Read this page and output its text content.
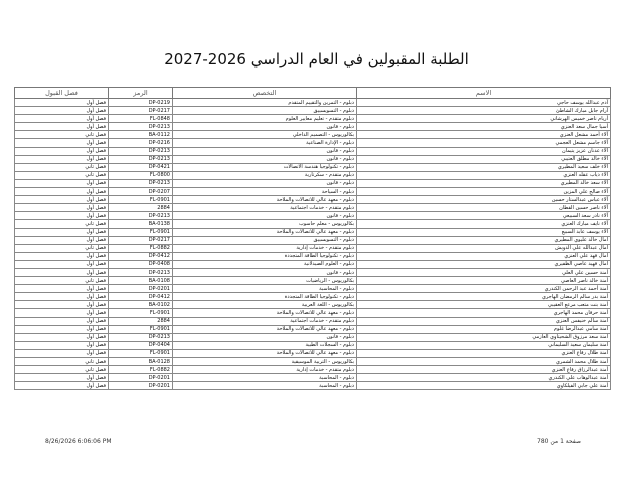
الطلبة المقبولين في العام الدراسي 2026-2027
الاسم	التخصص	الرمز	فصل القبول
آدم عبدالله يوسف حاجي	دبلوم - التمرين والتقييم المتقدم	DP-0219	فصل أول
آرام جابل مبارك الشاطئ	دبلوم - التسويسييق	DP-0217	فصل أول
أريام ناصر خميس الهرشاني	دبلوم متقدم - تعليم معايير العلوم	FL-0848	فصل أول
أسيا جمال سعد العنزي	دبلوم - قانون	DP-0213	فصل أول
آلاء أحمد مشعل العنزي	بكالوريوس - التصميم الداخلي	BA-0112	فصل ثاني
آلاء جاسم مشعل العجمي	دبلوم - الإدارة الصناعية	DP-0216	فصل أول
آلاء عدنان عزيز يتيمان	دبلوم - قانون	DP-0213	فصل أول
آلاء خالد مطلق العتيبي	دبلوم - قانون	DP-0213	فصل أول
آلاء خلف سعيد المطيري	دبلوم - تكنولوجيا هندسة الاتصالات	DP-0421	فصل ثاني
آلاء ذياب عقله العنزي	دبلوم متقدم - سكرتارية	FL-0800	فصل ثاني
آلاء سعد خالد المطيري	دبلوم - قانون	DP-0213	فصل أول
آلاء صالح علي المزين	دبلوم - السياحة	DP-0207	فصل أول
آلاء عباس عبدالستار حسين	دبلوم - معهد عالي للاتصالات والملاحة	FL-0901	فصل أول
آلاء ناصر حسين القطان	دبلوم متقدم - خدمات اجتماعية	2884	فصل أول
آلاء نادر سعد السبيعي	دبلوم - قانون	DP-0213	فصل أول
آلاء نايف مبارك العنزي	بكالوريوس - معلم حاسوب	BA-0138	فصل ثاني
آلاء يوسف عابد السبيع	دبلوم - معهد عالي للاتصالات والملاحة	FL-0901	فصل أول
آمال خالد عليوي المطيري	دبلوم - التسويسييق	DP-0217	فصل أول
آمال عبدالله علي الدويش	دبلوم متقدم - خدمات إدارية	FL-0882	فصل ثاني
آمال فهد علي العنزي	دبلوم - تكنولوجيا الطاقة المتجددة	DP-0412	فصل أول
آمال فهيد عاصي الظفيري	دبلوم - العلوم الصيدلانية	DP-0408	فصل أول
أمنة حسين علي العلي	دبلوم - قانون	DP-0213	فصل أول
أمنة خالد ناصر العاصي	بكالوريوس - الرياضيات	BA-0108	فصل ثاني
أمنة أحمد عبد الرحمن الكندري	دبلوم - المحاسبة	DP-0201	فصل أول
أمنة بدر سالم الرمضان الهاجري	دبلوم - تكنولوجيا الطاقة المتجددة	DP-0412	فصل أول
أمنة بنت متعب مرعع العقيبي	بكالوريوس - اللغة العربية	BA-0102	فصل أول
أمنة حرفان محمد الهاجري	دبلوم - معهد عالي للاتصالات والملاحة	FL-0901	فصل أول
أمنة سالم خنيفس العنزي	دبلوم متقدم - خدمات اجتماعية	2884	فصل أول
أمنة سامي عبدالرضا غلوم	دبلوم - معهد عالي للاتصالات والملاحة	FL-0901	فصل أول
أمنة سعد مرزوق الشحيتاوي العازمي	دبلوم - قانون	DP-0213	فصل أول
أمنة سليمان سعيد السليماني	دبلوم - السجلات الطبية	DP-0404	فصل أول
أمنة طلال رفاع العنزي	دبلوم - معهد عالي للاتصالات والملاحة	FL-0901	فصل أول
أمنة طلال محمد الشمري	بكالوريوس - التربية الموسيقية	BA-0128	فصل ثاني
أمنة عبدالرزاق رفاع العنزي	دبلوم متقدم - خدمات إدارية	FL-0882	فصل ثاني
أمنة عبدالوهاب علي الكندري	دبلوم - المحاسبة	DP-0201	فصل أول
أمنة علي جابي الفيلكاوي	دبلوم - المحاسبة	DP-0201	فصل أول
8/26/2026 6:06:06 PM	صفحة 1 من 780
